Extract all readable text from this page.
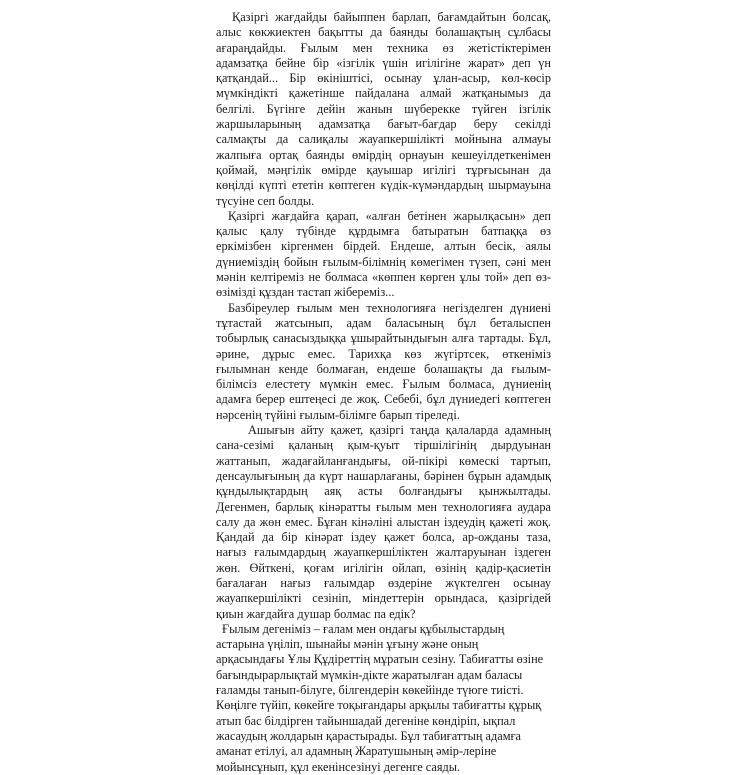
Қазіргі жағдайды байыппен барлап, бағамдайтын болсақ,
алыс көкжиектен бақытты да баянды болашақтың сұлбасы
ағараңдайды. Ғылым мен техника өз жетістіктерімен
адамзатқа бейне бір «ізгілік үшін игілігіне жарат» деп үн
қатқандай... Бір өкініштісі, осынау ұлан-асыр, көл-көсір
мүмкіндікті қажетінше пайдалана алмай жатқанымыз да
белгілі. Бүгінге дейін жанын шүберекке түйген ізгілік
жаршыларының адамзатқа бағыт-бағдар беру секілді
салмақты да салиқалы жауапкершілікті мойнына алмауы
жалпыға ортақ баянды өмірдің орнауын кешеуілдеткенімен
қоймай, мәңгілік өмірде қауышар игілігі тұрғысынан да
көңілді күпті ететін көптеген күдік-күмәндардың шырмауына
түсуіне сеп болды.
Қазіргі жағдайға қарап, «алған бетінен жарылқасын» деп
қалыс қалу түбінде құрдымға батыратын батпаққа өз
еркімізбен кіргенмен бірдей. Ендеше, алтын бесік, аялы
дүниеміздің бойын ғылым-білімнің көмегімен түзеп, сәні мен
мәнін келтіреміз не болмаса «көппен көрген ұлы той» деп өз-
өзімізді құздан тастап жібереміз...
Базбіреулер ғылым мен технологияға негізделген дүниені
тұтастай жатсынып, адам баласының бұл беталыспен
тобырлық санасыздыққа ұшырайтындығын алға тартады. Бұл,
әрине, дұрыс емес. Тарихқа көз жүгіртсек, өткеніміз
ғылымнан кенде болмаған, ендеше болашақты да ғылым-
білімсіз елестету мүмкін емес. Ғылым болмаса, дүниенің
адамға берер ештеңесі де жоқ. Себебі, бұл дүниедегі көптеген
нәрсенің түйіні ғылым-білімге барып тіреледі.
Ашығын айту қажет, қазіргі таңда қалаларда адамның
сана-сезімі қаланың қым-қуыт тіршілігінің дырдуынан
жаттанып, жадағайланғандығы, ой-пікірі көмескі тартып,
денсаулығының да күрт нашарлағаны, бәрінен бұрын адамдық
құндылықтардың аяқ асты болғандығы қынжылтады.
Дегенмен, барлық кінәратты ғылым мен технологияға аудара
салу да жөн емес. Бұған кінәліні алыстан іздеудің қажеті жоқ.
Қандай да бір кінәрат іздеу қажет болса, ар-ожданы таза,
нағыз ғалымдардың жауапкершіліктен жалтаруынан іздеген
жөн. Өйткені, қоғам игілігін ойлап, өзінің қадір-қасиетін
бағалаған нағыз ғалымдар өздеріне жүктелген осынау
жауапкершілікті сезініп, міндеттерін орындаса, қазіргідей
қиын жағдайға душар болмас па едік?
Ғылым дегеніміз – ғалам мен ондағы құбылыстардың
астарына үңіліп, шынайы мәнін ұғыну және оның
арқасындағы Ұлы Құдіреттің мұратын сезіну. Табиғатты өзіне
бағындырарлықтай мүмкін-дікте жаратылған адам баласы
ғаламды танып-білуге, білгендерін көкейінде түюге тиісті.
Көңілге түйіп, көкейге тоқығандары арқылы табиғатты құрық
атып бас білдірген тайыншадай дегеніне көндіріп, ықпал
жасаудың жолдарын қарастырады. Бұл табиғаттың адамға
аманат етілуі, ал адамның Жаратушының әмір-леріне
мойынсұнып, құл екенінсезінуі дегенге саяды.
